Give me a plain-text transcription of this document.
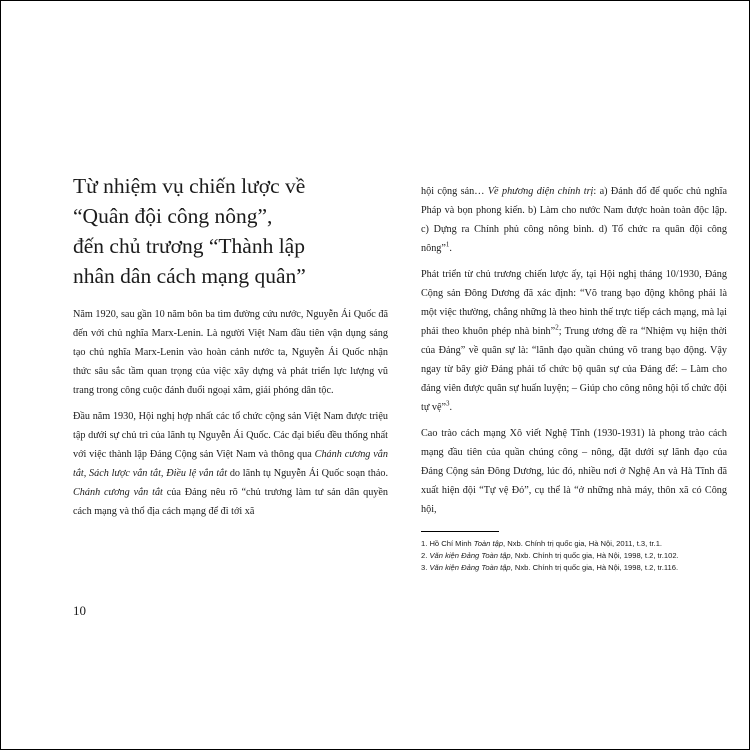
Từ nhiệm vụ chiến lược về
“Quân đội công nông”,
đến chủ trương “Thành lập
nhân dân cách mạng quân”

Năm 1920, sau gần 10 năm bôn ba tìm đường cứu nước, Nguyễn Ái Quốc đã đến với chủ nghĩa Marx-Lenin. Là người Việt Nam đầu tiên vận dụng sáng tạo chủ nghĩa Marx-Lenin vào hoàn cảnh nước ta, Nguyễn Ái Quốc nhận thức sâu sắc tầm quan trọng của việc xây dựng và phát triển lực lượng vũ trang trong công cuộc đánh đuổi ngoại xâm, giải phóng dân tộc.

Đầu năm 1930, Hội nghị hợp nhất các tổ chức cộng sản Việt Nam được triệu tập dưới sự chủ trì của lãnh tụ Nguyễn Ái Quốc. Các đại biểu đều thống nhất với việc thành lập Đảng Cộng sản Việt Nam và thông qua Chánh cương vắn tắt, Sách lược vắn tắt, Điều lệ vắn tắt do lãnh tụ Nguyễn Ái Quốc soạn thảo. Chánh cương vắn tắt của Đảng nêu rõ “chủ trương làm tư sản dân quyền cách mạng và thổ địa cách mạng để đi tới xã

hội cộng sản… Về phương diện chính trị: a) Đánh đổ để quốc chủ nghĩa Pháp và bọn phong kiến. b) Làm cho nước Nam được hoàn toàn độc lập. c) Dựng ra Chính phủ công nông binh. d) Tổ chức ra quân đội công nông”$^1$.

Phát triển từ chủ trương chiến lược ấy, tại Hội nghị tháng 10/1930, Đảng Cộng sản Đông Dương đã xác định: “Võ trang bạo động không phải là một việc thường, chẳng những là theo hình thế trực tiếp cách mạng, mà lại phải theo khuôn phép nhà binh”$^2$; Trung ương đề ra “Nhiệm vụ hiện thời của Đảng” về quân sự là: “lãnh đạo quần chúng võ trang bạo động. Vậy ngay từ bây giờ Đảng phải tổ chức bộ quân sự của Đảng để: – Làm cho đảng viên được quân sự huấn luyện; – Giúp cho công nông hội tổ chức đội tự vệ”$^3$.

Cao trào cách mạng Xô viết Nghệ Tĩnh (1930-1931) là phong trào cách mạng đầu tiên của quần chúng công – nông, đặt dưới sự lãnh đạo của Đảng Cộng sản Đông Dương, lúc đó, nhiều nơi ở Nghệ An và Hà Tĩnh đã xuất hiện đội “Tự vệ Đỏ”, cụ thể là “ở những nhà máy, thôn xã có Công hội,

1. Hồ Chí Minh Toàn tập, Nxb. Chính trị quốc gia, Hà Nội, 2011, t.3, tr.1.

2. Văn kiện Đảng Toàn tập, Nxb. Chính trị quốc gia, Hà Nội, 1998, t.2, tr.102.

3. Văn kiện Đảng Toàn tập, Nxb. Chính trị quốc gia, Hà Nội, 1998, t.2, tr.116.

10
